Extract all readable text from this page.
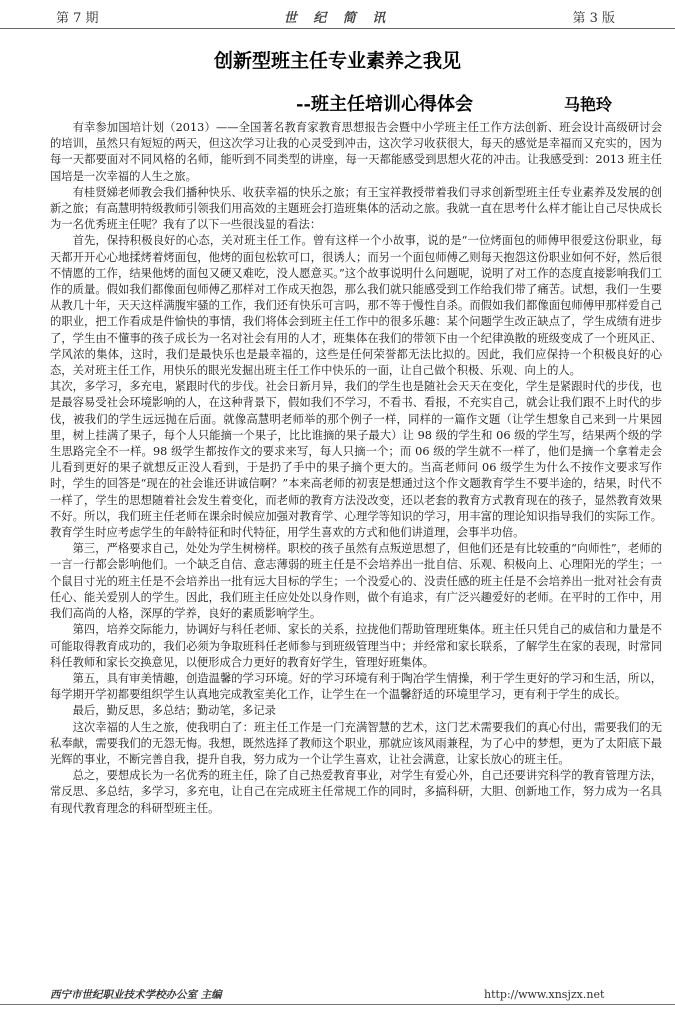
第 7 期	世 纪 简 讯	第 3 版
创新型班主任专业素养之我见
--班主任培训心得体会	马艳玲

有幸参加国培计划（2013）——全国著名教育家教育思想报告会暨中小学班主任工作方法创新、班会设计高级研讨会的培训，虽然只有短短的两天，但这次学习让我的心灵受到冲击，这次学习收获很大，每天的感觉是幸福而又充实的，因为每一天都要面对不同风格的名师，能听到不同类型的讲座，每一天都能感受到思想火花的冲击。让我感受到：2013 班主任国培是一次幸福的人生之旅。

有桂贤娣老师教会我们播种快乐、收获幸福的快乐之旅；有王宝祥教授带着我们寻求创新型班主任专业素养及发展的创新之旅；有高慧明特级教师引领我们用高效的主题班会打造班集体的活动之旅。我就一直在思考什么样才能让自己尽快成长为一名优秀班主任呢？我有了以下一些很浅显的看法：

首先，保持积极良好的心态，关对班主任工作。曾有这样一个小故事，说的是“一位烤面包的师傅甲很爱这份职业，每天都开开心心地揉烤着烤面包，他烤的面包松软可口，很诱人；而另一个面包师傅乙则每天抱怨这份职业如何不好，然后很不情愿的工作，结果他烤的面包又硬又难吃，没人愿意买。”这个故事说明什么问题呢，说明了对工作的态度直接影响我们工作的质量。假如我们都像面包师傅乙那样对工作成天抱怨，那么我们就只能感受到工作给我们带了痛苦。试想，我们一生要从教几十年，天天这样满腹牢骚的工作，我们还有快乐可言吗，那不等于慢性自杀。而假如我们都像面包师傅甲那样爱自己的职业，把工作看成是件愉快的事情，我们将体会到班主任工作中的很多乐趣：某个问题学生改正缺点了，学生成绩有进步了，学生由不懂事的孩子成长为一名对社会有用的人才，班集体在我们的带领下由一个纪律涣散的班级变成了一个班风正、学风浓的集体，这时，我们是最快乐也是最幸福的，这些是任何荣誉都无法比拟的。因此，我们应保持一个积极良好的心态，关对班主任工作，用快乐的眼光发掘出班主任工作中快乐的一面，让自己做个积极、乐观、向上的人。

其次，多学习，多充电，紧跟时代的步伐。社会日新月异，我们的学生也是随社会天天在变化，学生是紧跟时代的步伐，也是最容易受社会环境影响的人，在这种背景下，假如我们不学习，不看书、看报，不充实自己，就会让我们跟不上时代的步伐，被我们的学生远远抛在后面。就像高慧明老师举的那个例子一样，同样的一篇作文题（让学生想象自己来到一片果园里，树上挂满了果子，每个人只能摘一个果子，比比谁摘的果子最大）让 98 级的学生和 06 级的学生写，结果两个级的学生思路完全不一样。98 级学生都按作文的要求来写，每人只摘一个；而 06 级的学生就不一样了，他们是摘一个拿着走会儿看到更好的果子就想反正没人看到，于是扔了手中的果子摘个更大的。当高老师问 06 级学生为什么不按作文要求写作时，学生的回答是“现在的社会谁还讲诚信啊？”本来高老师的初衷是想通过这个作文题教育学生不要半途的，结果，时代不一样了，学生的思想随着社会发生着变化，而老师的教育方法没改变，还以老套的教育方式教育现在的孩子，显然教育效果不好。所以，我们班主任老师在课余时候应加强对教育学、心理学等知识的学习，用丰富的理论知识指导我们的实际工作。教育学生时应考虑学生的年龄特征和时代特征，用学生喜欢的方式和他们讲道理，会事半功倍。

第三，严格要求自己，处处为学生树榜样。职校的孩子虽然有点叛逆思想了，但他们还是有比较重的“向师性”，老师的一言一行都会影响他们。一个缺乏自信、意志薄弱的班主任是不会培养出一批自信、乐观、积极向上、心理阳光的学生；一个鼠目寸光的班主任是不会培养出一批有远大目标的学生；一个没爱心的、没责任感的班主任是不会培养出一批对社会有责任心、能关爱别人的学生。因此，我们班主任应处处以身作则，做个有追求，有广泛兴趣爱好的老师。在平时的工作中，用我们高尚的人格，深厚的学养，良好的素质影响学生。

第四，培养交际能力，协调好与科任老师、家长的关系，拉拢他们帮助管理班集体。班主任只凭自己的威信和力量是不可能取得教育成功的，我们必须为争取班科任老师参与到班级管理当中；并经常和家长联系，了解学生在家的表现，时常同科任教师和家长交换意见，以便形成合力更好的教育好学生，管理好班集体。

第五，具有审美情趣，创造温馨的学习环境。好的学习环境有利于陶冶学生情操，利于学生更好的学习和生活，所以，每学期开学初都要组织学生认真地完成教室美化工作，让学生在一个温馨舒适的环境里学习，更有利于学生的成长。

最后，勤反思，多总结；勤动笔，多记录

这次幸福的人生之旅，使我明白了：班主任工作是一门充满智慧的艺术，这门艺术需要我们的真心付出，需要我们的无私奉献，需要我们的无怨无悔。我想，既然选择了教师这个职业，那就应该风雨兼程，为了心中的梦想，更为了太阳底下最光辉的事业，不断完善自我，提升自我，努力成为一个让学生喜欢，让社会满意，让家长放心的班主任。

总之，要想成长为一名优秀的班主任，除了自己热爱教育事业，对学生有爱心外，自己还要讲究科学的教育管理方法，常反思、多总结，多学习，多充电，让自己在完成班主任常规工作的同时，多搞科研，大胆、创新地工作，努力成为一名具有现代教育理念的科研型班主任。

西宁市世纪职业技术学校办公室 主编	http://www.xnsjzx.net
